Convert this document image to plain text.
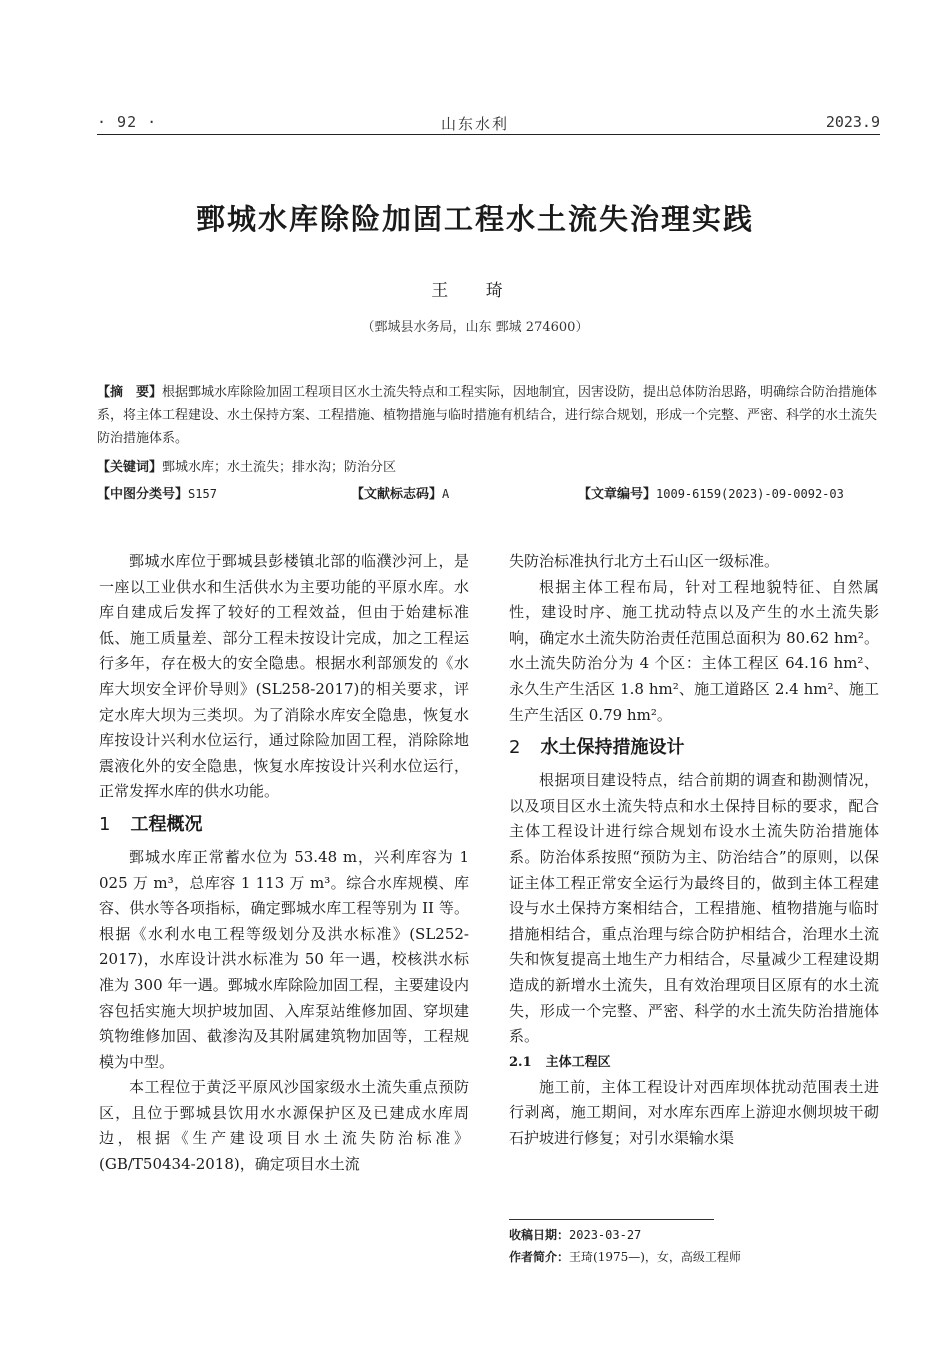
· 92 ·	山东水利	2023.9
鄄城水库除险加固工程水土流失治理实践
王 琦
（鄄城县水务局，山东 鄄城 274600）
【摘　要】根据鄄城水库除险加固工程项目区水土流失特点和工程实际，因地制宜，因害设防，提出总体防治思路，明确综合防治措施体系，将主体工程建设、水土保持方案、工程措施、植物措施与临时措施有机结合，进行综合规划，形成一个完整、严密、科学的水土流失防治措施体系。
【关键词】鄄城水库；水土流失；排水沟；防治分区
【中图分类号】S157	【文献标志码】A	【文章编号】1009-6159(2023)-09-0092-03

鄄城水库位于鄄城县彭楼镇北部的临濮沙河上，是一座以工业供水和生活供水为主要功能的平原水库。水库自建成后发挥了较好的工程效益，但由于始建标准低、施工质量差、部分工程未按设计完成，加之工程运行多年，存在极大的安全隐患。根据水利部颁发的《水库大坝安全评价导则》(SL258-2017)的相关要求，评定水库大坝为三类坝。为了消除水库安全隐患，恢复水库按设计兴利水位运行，通过除险加固工程，消除除地震液化外的安全隐患，恢复水库按设计兴利水位运行，正常发挥水库的供水功能。

1 工程概况

鄄城水库正常蓄水位为 53.48 m，兴利库容为 1 025 万 m³，总库容 1 113 万 m³。综合水库规模、库容、供水等各项指标，确定鄄城水库工程等别为 II 等。根据《水利水电工程等级划分及洪水标准》(SL252-2017)，水库设计洪水标准为 50 年一遇，校核洪水标准为 300 年一遇。鄄城水库除险加固工程，主要建设内容包括实施大坝护坡加固、入库泵站维修加固、穿坝建筑物维修加固、截渗沟及其附属建筑物加固等，工程规模为中型。

本工程位于黄泛平原风沙国家级水土流失重点预防区，且位于鄄城县饮用水水源保护区及已建成水库周边，根据《生产建设项目水土流失防治标准》(GB/T50434-2018)，确定项目水土流

失防治标准执行北方土石山区一级标准。

根据主体工程布局，针对工程地貌特征、自然属性，建设时序、施工扰动特点以及产生的水土流失影响，确定水土流失防治责任范围总面积为 80.62 hm²。水土流失防治分为 4 个区：主体工程区 64.16 hm²、永久生产生活区 1.8 hm²、施工道路区 2.4 hm²、施工生产生活区 0.79 hm²。

2 水土保持措施设计

根据项目建设特点，结合前期的调查和勘测情况，以及项目区水土流失特点和水土保持目标的要求，配合主体工程设计进行综合规划布设水土流失防治措施体系。防治体系按照“预防为主、防治结合”的原则，以保证主体工程正常安全运行为最终目的，做到主体工程建设与水土保持方案相结合，工程措施、植物措施与临时措施相结合，重点治理与综合防护相结合，治理水土流失和恢复提高土地生产力相结合，尽量减少工程建设期造成的新增水土流失，且有效治理项目区原有的水土流失，形成一个完整、严密、科学的水土流失防治措施体系。

2.1 主体工程区

施工前，主体工程设计对西库坝体扰动范围表土进行剥离，施工期间，对水库东西库上游迎水侧坝坡干砌石护坡进行修复；对引水渠输水渠

收稿日期：2023-03-27
作者简介：王琦(1975—)，女，高级工程师
